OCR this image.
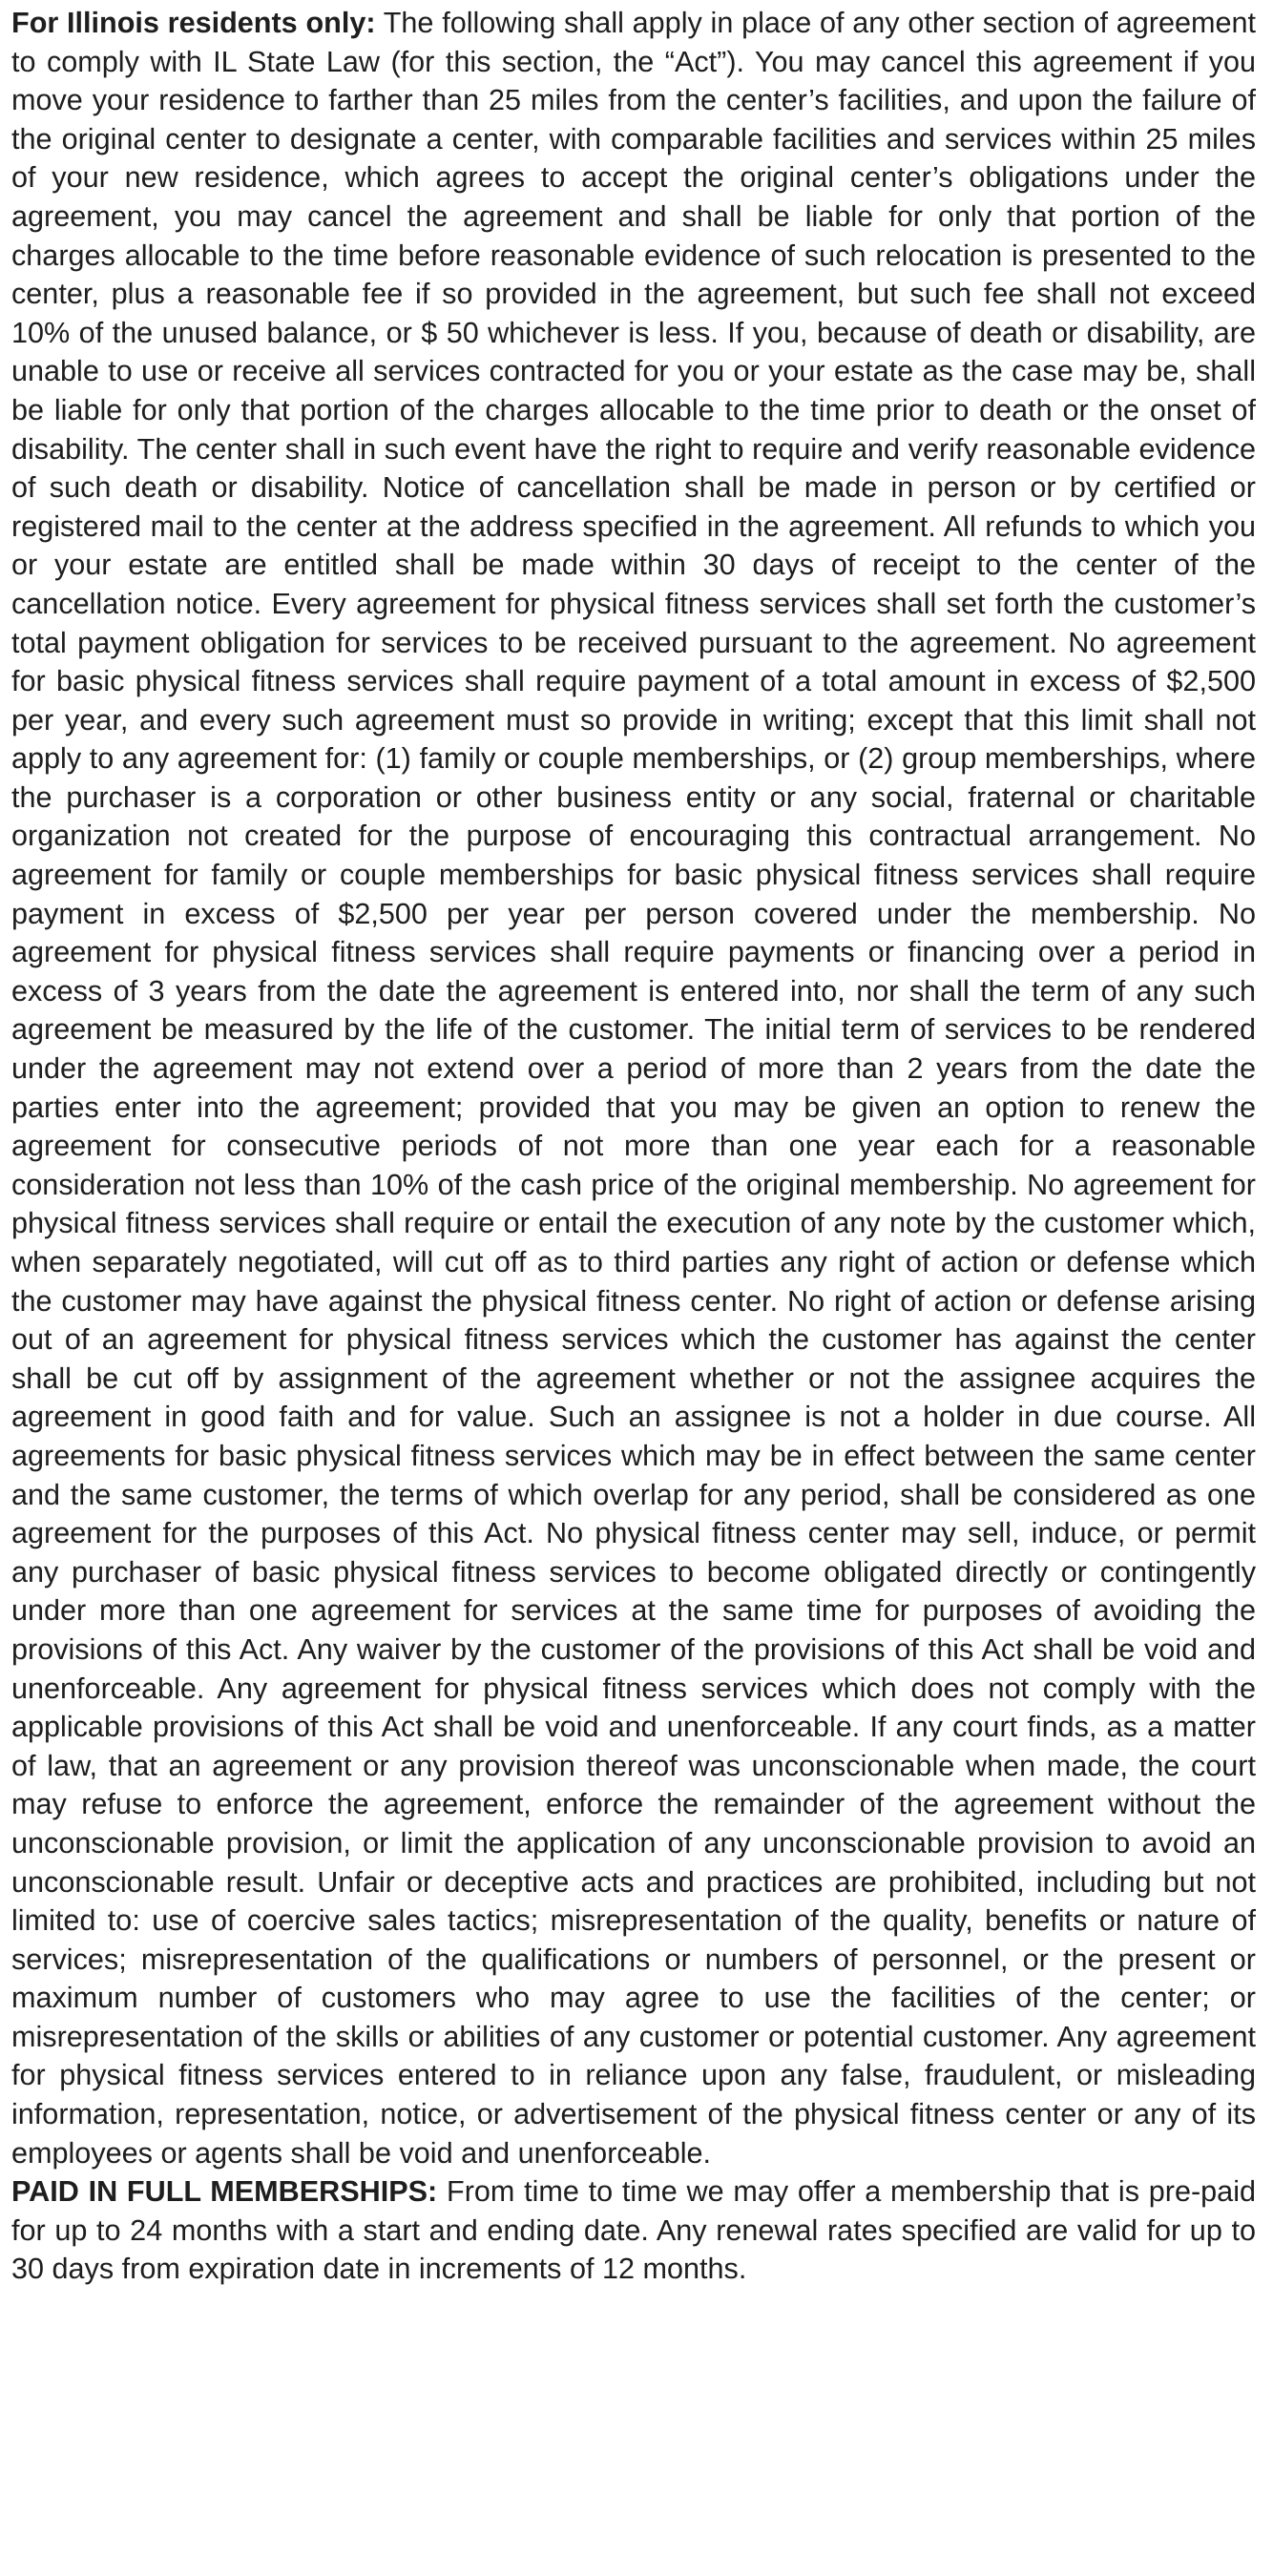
For Illinois residents only: The following shall apply in place of any other section of agreement to comply with IL State Law (for this section, the “Act”). You may cancel this agreement if you move your residence to farther than 25 miles from the center’s facilities, and upon the failure of the original center to designate a center, with comparable facilities and services within 25 miles of your new residence, which agrees to accept the original center’s obligations under the agreement, you may cancel the agreement and shall be liable for only that portion of the charges allocable to the time before reasonable evidence of such relocation is presented to the center, plus a reasonable fee if so provided in the agreement, but such fee shall not exceed 10% of the unused balance, or $ 50 whichever is less. If you, because of death or disability, are unable to use or receive all services contracted for you or your estate as the case may be, shall be liable for only that portion of the charges allocable to the time prior to death or the onset of disability. The center shall in such event have the right to require and verify reasonable evidence of such death or disability. Notice of cancellation shall be made in person or by certified or registered mail to the center at the address specified in the agreement. All refunds to which you or your estate are entitled shall be made within 30 days of receipt to the center of the cancellation notice. Every agreement for physical fitness services shall set forth the customer’s total payment obligation for services to be received pursuant to the agreement. No agreement for basic physical fitness services shall require payment of a total amount in excess of $2,500 per year, and every such agreement must so provide in writing; except that this limit shall not apply to any agreement for: (1) family or couple memberships, or (2) group memberships, where the purchaser is a corporation or other business entity or any social, fraternal or charitable organization not created for the purpose of encouraging this contractual arrangement. No agreement for family or couple memberships for basic physical fitness services shall require payment in excess of $2,500 per year per person covered under the membership. No agreement for physical fitness services shall require payments or financing over a period in excess of 3 years from the date the agreement is entered into, nor shall the term of any such agreement be measured by the life of the customer. The initial term of services to be rendered under the agreement may not extend over a period of more than 2 years from the date the parties enter into the agreement; provided that you may be given an option to renew the agreement for consecutive periods of not more than one year each for a reasonable consideration not less than 10% of the cash price of the original membership. No agreement for physical fitness services shall require or entail the execution of any note by the customer which, when separately negotiated, will cut off as to third parties any right of action or defense which the customer may have against the physical fitness center. No right of action or defense arising out of an agreement for physical fitness services which the customer has against the center shall be cut off by assignment of the agreement whether or not the assignee acquires the agreement in good faith and for value. Such an assignee is not a holder in due course. All agreements for basic physical fitness services which may be in effect between the same center and the same customer, the terms of which overlap for any period, shall be considered as one agreement for the purposes of this Act. No physical fitness center may sell, induce, or permit any purchaser of basic physical fitness services to become obligated directly or contingently under more than one agreement for services at the same time for purposes of avoiding the provisions of this Act. Any waiver by the customer of the provisions of this Act shall be void and unenforceable. Any agreement for physical fitness services which does not comply with the applicable provisions of this Act shall be void and unenforceable. If any court finds, as a matter of law, that an agreement or any provision thereof was unconscionable when made, the court may refuse to enforce the agreement, enforce the remainder of the agreement without the unconscionable provision, or limit the application of any unconscionable provision to avoid an unconscionable result. Unfair or deceptive acts and practices are prohibited, including but not limited to: use of coercive sales tactics; misrepresentation of the quality, benefits or nature of services; misrepresentation of the qualifications or numbers of personnel, or the present or maximum number of customers who may agree to use the facilities of the center; or misrepresentation of the skills or abilities of any customer or potential customer. Any agreement for physical fitness services entered to in reliance upon any false, fraudulent, or misleading information, representation, notice, or advertisement of the physical fitness center or any of its employees or agents shall be void and unenforceable.

PAID IN FULL MEMBERSHIPS: From time to time we may offer a membership that is pre-paid for up to 24 months with a start and ending date. Any renewal rates specified are valid for up to 30 days from expiration date in increments of 12 months.
